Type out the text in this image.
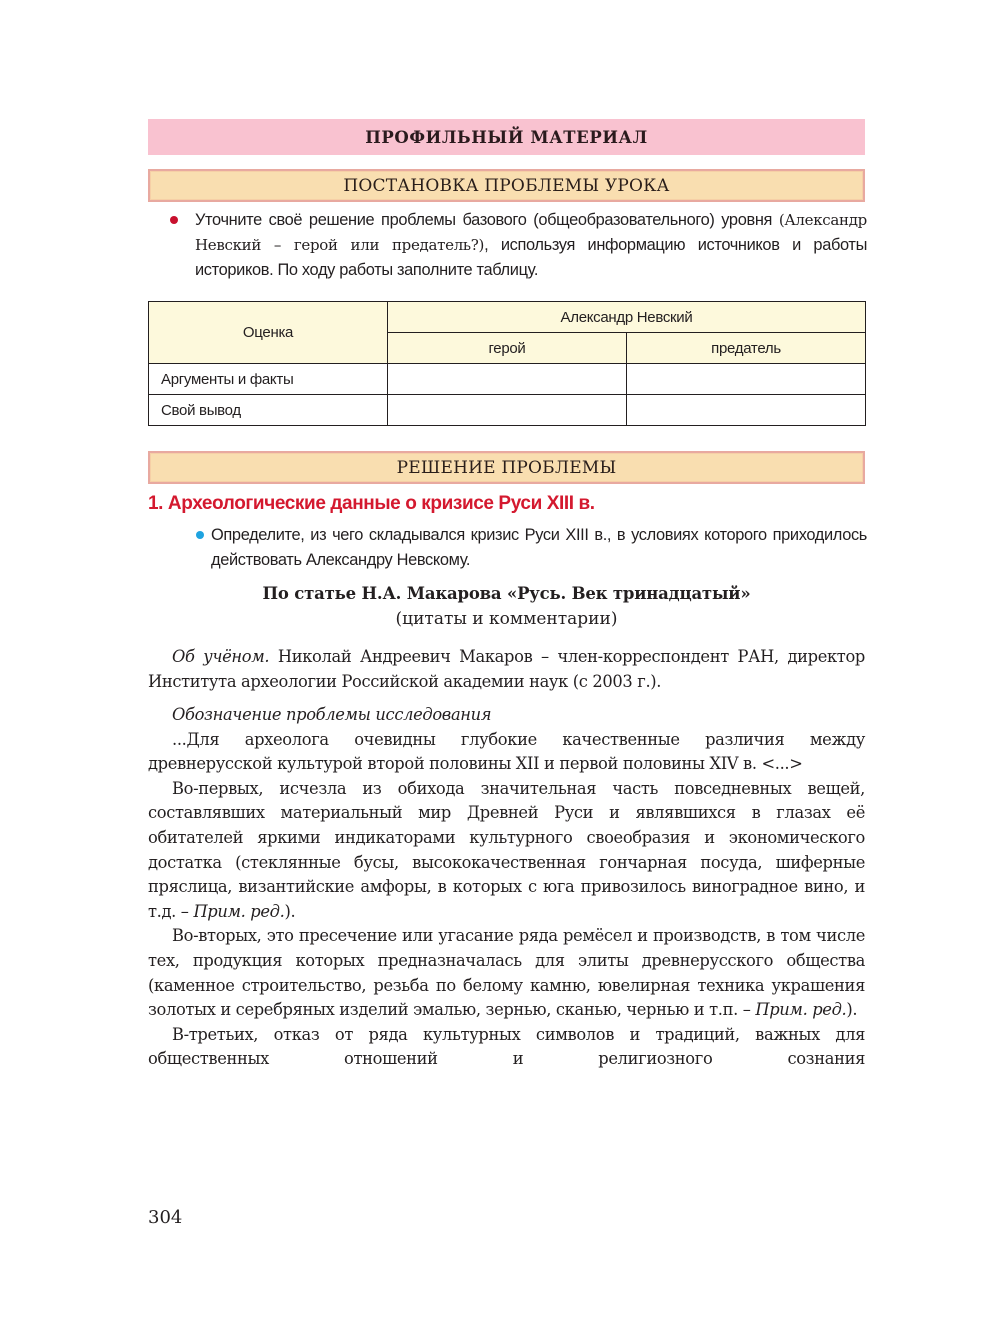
ПРОФИЛЬНЫЙ МАТЕРИАЛ
ПОСТАНОВКА ПРОБЛЕМЫ УРОКА
Уточните своё решение проблемы базового (общеобразовательного) уровня (Александр Невский – герой или предатель?), используя информацию источников и работы историков. По ходу работы заполните таблицу.
Оценка	Александр Невский	
	герой	предатель
Аргументы и факты		
Свой вывод		
РЕШЕНИЕ ПРОБЛЕМЫ
1. Археологические данные о кризисе Руси XIII в.
Определите, из чего складывался кризис Руси XIII в., в условиях которого приходилось действовать Александру Невскому.
По статье Н.А. Макарова «Русь. Век тринадцатый»
(цитаты и комментарии)

Об учёном. Николай Андреевич Макаров – член-корреспондент РАН, директор Института археологии Российской академии наук (с 2003 г.).

Обозначение проблемы исследования

...Для археолога очевидны глубокие качественные различия между древнерусской культурой второй половины XII и первой половины XIV в. <...>

Во-первых, исчезла из обихода значительная часть повседневных вещей, составлявших материальный мир Древней Руси и являвшихся в глазах её обитателей яркими индикаторами культурного своеобразия и экономического достатка (стеклянные бусы, высококачественная гончарная посуда, шиферные пряслица, византийские амфоры, в которых с юга привозилось виноградное вино, и т.д. – Прим. ред.).

Во-вторых, это пресечение или угасание ряда ремёсел и производств, в том числе тех, продукция которых предназначалась для элиты древнерусского общества (каменное строительство, резьба по белому камню, ювелирная техника украшения золотых и серебряных изделий эмалью, зернью, сканью, чернью и т.п. – Прим. ред.).

В-третьих, отказ от ряда культурных символов и традиций, важных для общественных отношений и религиозного сознания

304
